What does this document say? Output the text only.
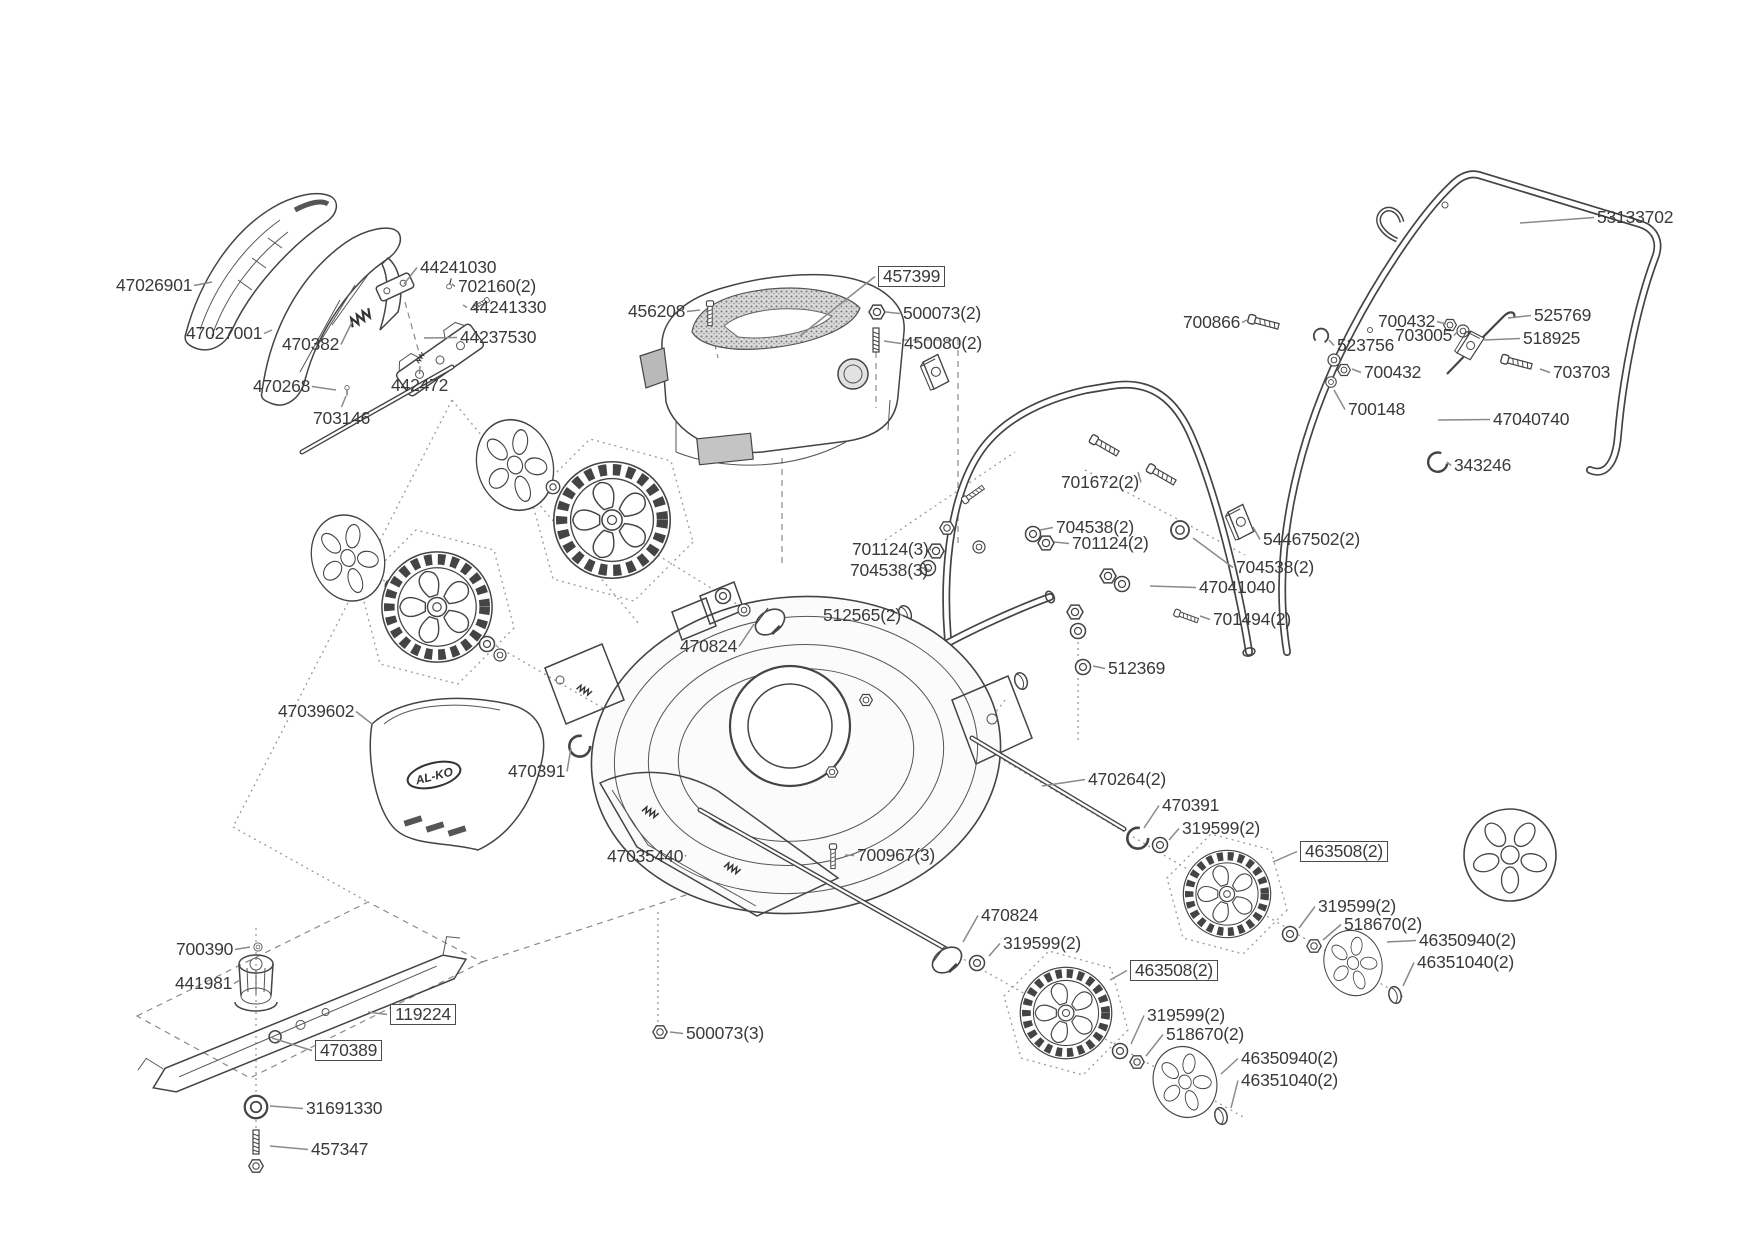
AL-KO
47026901
47027001
470382
44241030
702160(2)
44241330
44237530
442472
470268
703146
456208
457399
500073(2)
450080(2)
53133702
700866	700432
703005
523756
525769
518925
700432	703703
700148	47040740
343246
701672(2)
704538(2)
701124(2)
701124(3)
704538(3)
54467502(2)
704538(2)
47041040
701494(2)
512565(2)
512369
470824
47039602
470391
47035440	700967(3)
470264(2)
470391
319599(2)
463508(2)
319599(2)
518670(2)
46350940(2)
46351040(2)
470824
319599(2)
463508(2)
319599(2)
518670(2)
46350940(2)
46351040(2)
500073(3)
700390
441981
119224
470389
31691330
457347
